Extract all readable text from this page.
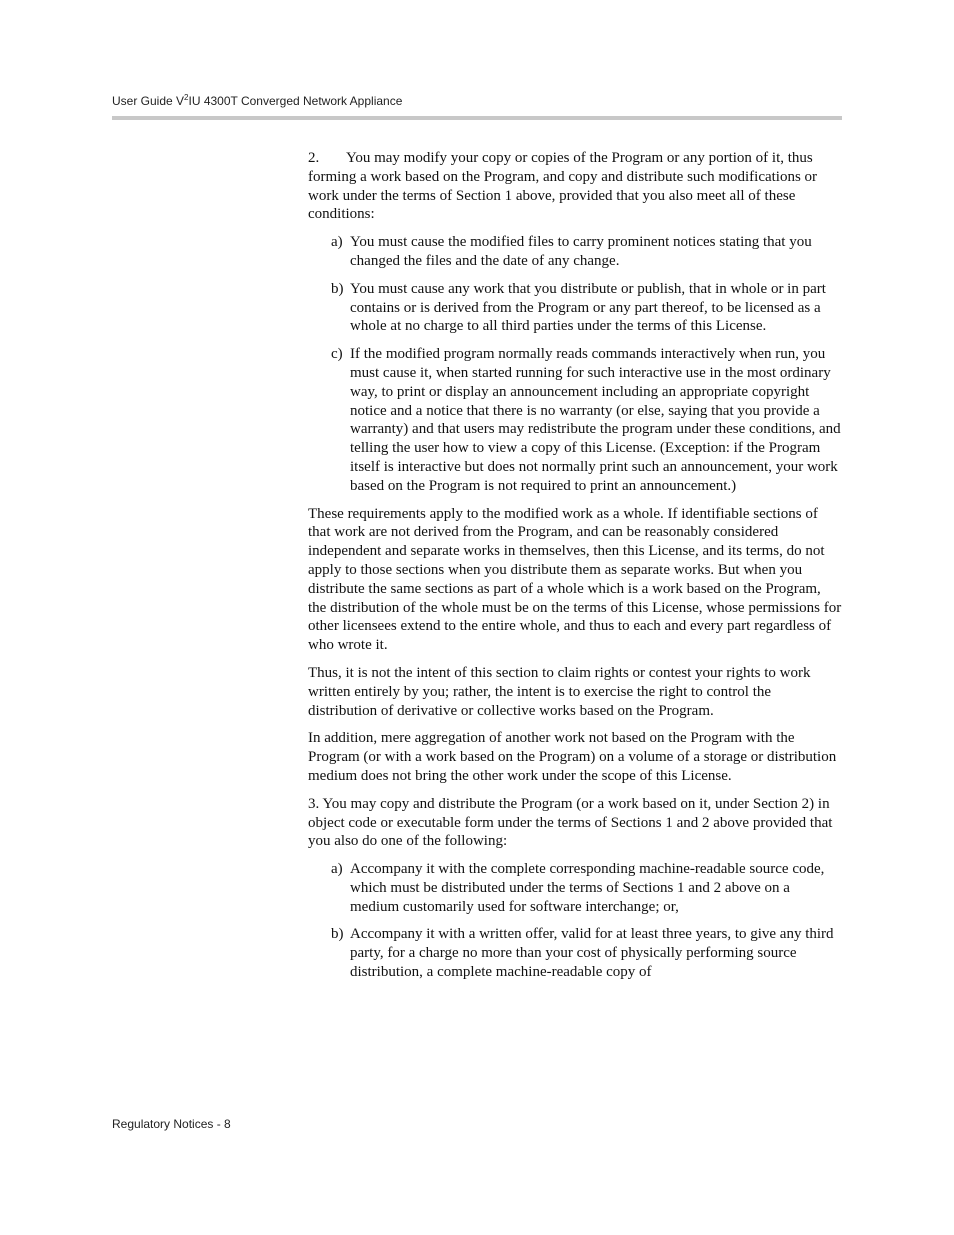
User Guide $V^2IU$ 4300T Converged Network Appliance

2. You may modify your copy or copies of the Program or any portion of it, thus forming a work based on the Program, and copy and distribute such modifications or work under the terms of Section 1 above, provided that you also meet all of these conditions:

a) You must cause the modified files to carry prominent notices stating that you changed the files and the date of any change.
b) You must cause any work that you distribute or publish, that in whole or in part contains or is derived from the Program or any part thereof, to be licensed as a whole at no charge to all third parties under the terms of this License.
c) If the modified program normally reads commands interactively when run, you must cause it, when started running for such interactive use in the most ordinary way, to print or display an announcement including an appropriate copyright notice and a notice that there is no warranty (or else, saying that you provide a warranty) and that users may redistribute the program under these conditions, and telling the user how to view a copy of this License. (Exception: if the Program itself is interactive but does not normally print such an announcement, your work based on the Program is not required to print an announcement.)

These requirements apply to the modified work as a whole. If identifiable sections of that work are not derived from the Program, and can be reasonably considered independent and separate works in themselves, then this License, and its terms, do not apply to those sections when you distribute them as separate works. But when you distribute the same sections as part of a whole which is a work based on the Program, the distribution of the whole must be on the terms of this License, whose permissions for other licensees extend to the entire whole, and thus to each and every part regardless of who wrote it.

Thus, it is not the intent of this section to claim rights or contest your rights to work written entirely by you; rather, the intent is to exercise the right to control the distribution of derivative or collective works based on the Program.

In addition, mere aggregation of another work not based on the Program with the Program (or with a work based on the Program) on a volume of a storage or distribution medium does not bring the other work under the scope of this License.

3. You may copy and distribute the Program (or a work based on it, under Section 2) in object code or executable form under the terms of Sections 1 and 2 above provided that you also do one of the following:

a) Accompany it with the complete corresponding machine-readable source code, which must be distributed under the terms of Sections 1 and 2 above on a medium customarily used for software interchange; or,
b) Accompany it with a written offer, valid for at least three years, to give any third party, for a charge no more than your cost of physically performing source distribution, a complete machine-readable copy of
Regulatory Notices - 8
